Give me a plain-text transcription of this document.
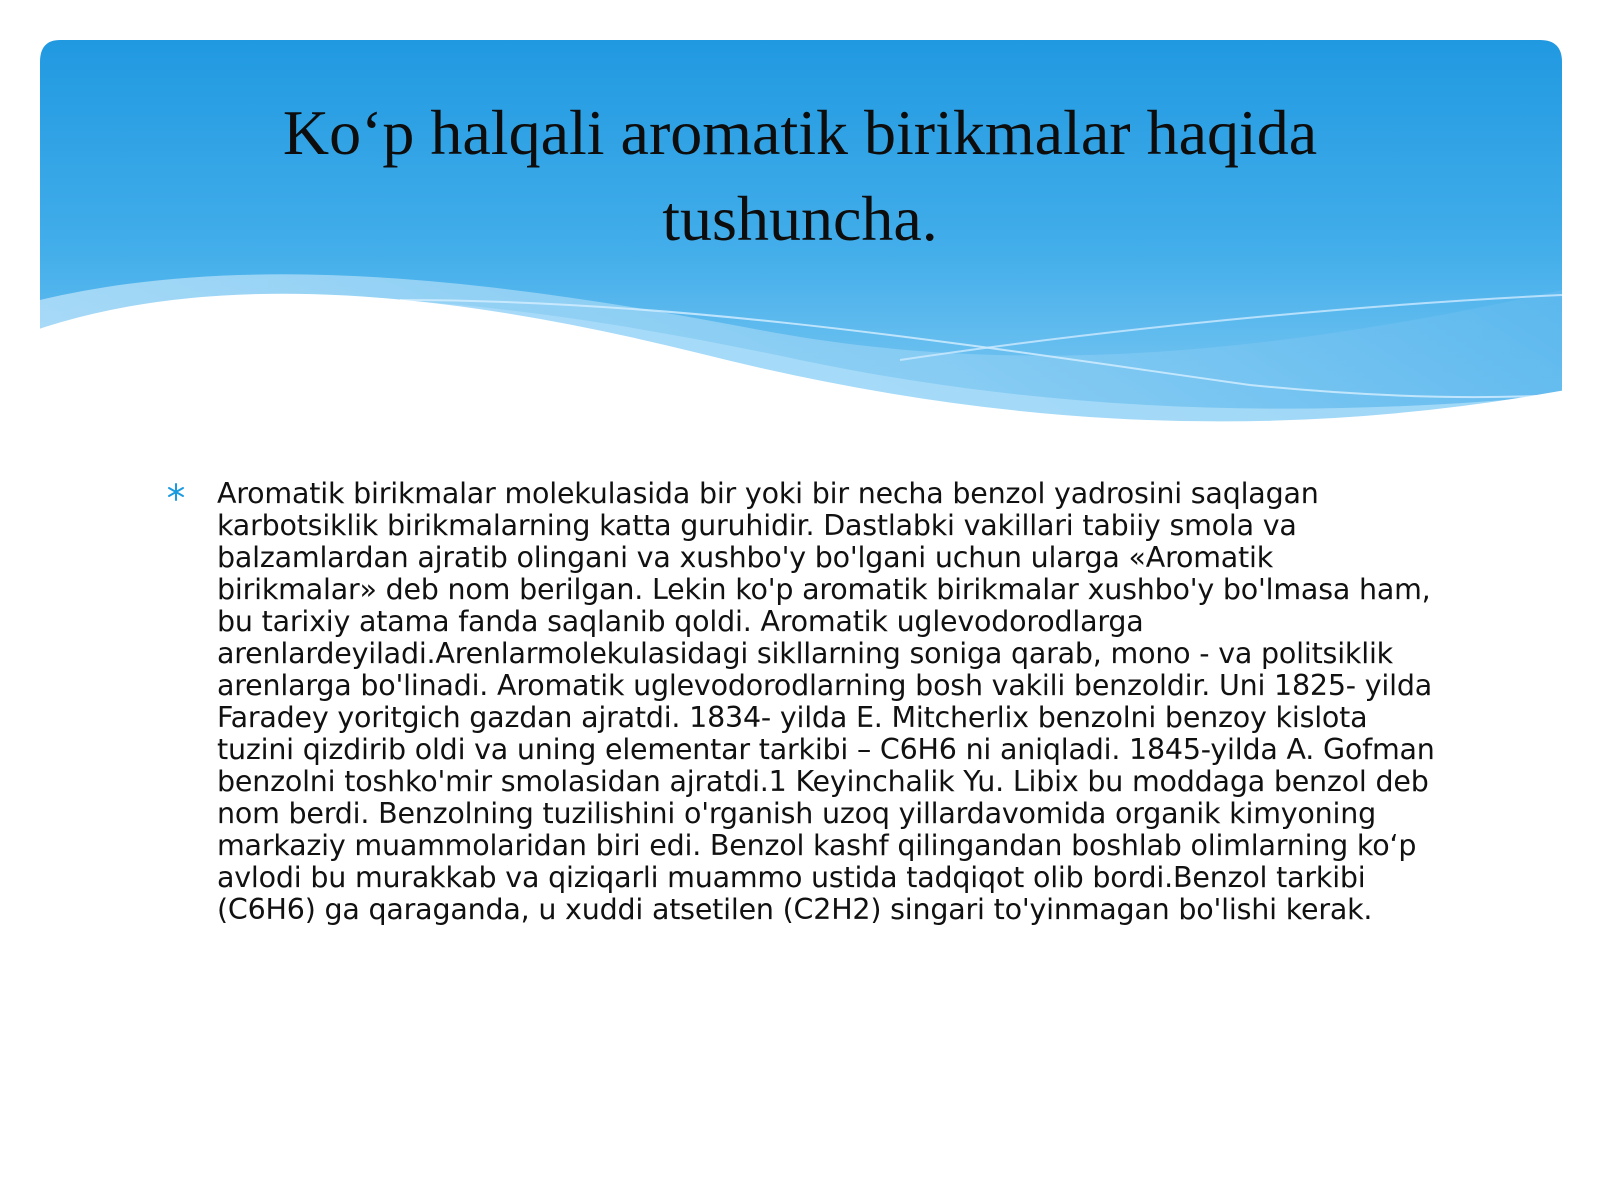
Ko‘p halqali aromatik birikmalar haqida tushuncha.

Aromatik birikmalar molekulasida bir yoki bir necha benzol yadrosini saqlagan karbotsiklik birikmalarning katta guruhidir. Dastlabki vakillari tabiiy smola va balzamlardan ajratib olingani va xushbo'y bo'lgani uchun ularga «Aromatik birikmalar» deb nom berilgan. Lekin ko'p aromatik birikmalar xushbo'y bo'lmasa ham, bu tarixiy atama fanda saqlanib qoldi. Aromatik uglevodorodlarga arenlardeyiladi.Arenlarmolekulasidagi sikllarning soniga qarab, mono - va politsiklik arenlarga bo'linadi. Aromatik uglevodorodlarning bosh vakili benzoldir. Uni 1825- yilda Faradey yoritgich gazdan ajratdi. 1834- yilda E. Mitcherlix benzolni benzoy kislota tuzini qizdirib oldi va uning elementar tarkibi – C6H6 ni aniqladi. 1845-yilda A. Gofman benzolni toshko'mir smolasidan ajratdi.1 Keyinchalik Yu. Libix bu moddaga benzol deb nom berdi. Benzolning tuzilishini o'rganish uzoq yillardavomida organik kimyoning markaziy muammolaridan biri edi. Benzol kashf qilingandan boshlab olimlarning ko‘p avlodi bu murakkab va qiziqarli muammo ustida tadqiqot olib bordi.Benzol tarkibi (C6H6) ga qaraganda, u xuddi atsetilen (C2H2) singari to'yinmagan bo'lishi kerak.
